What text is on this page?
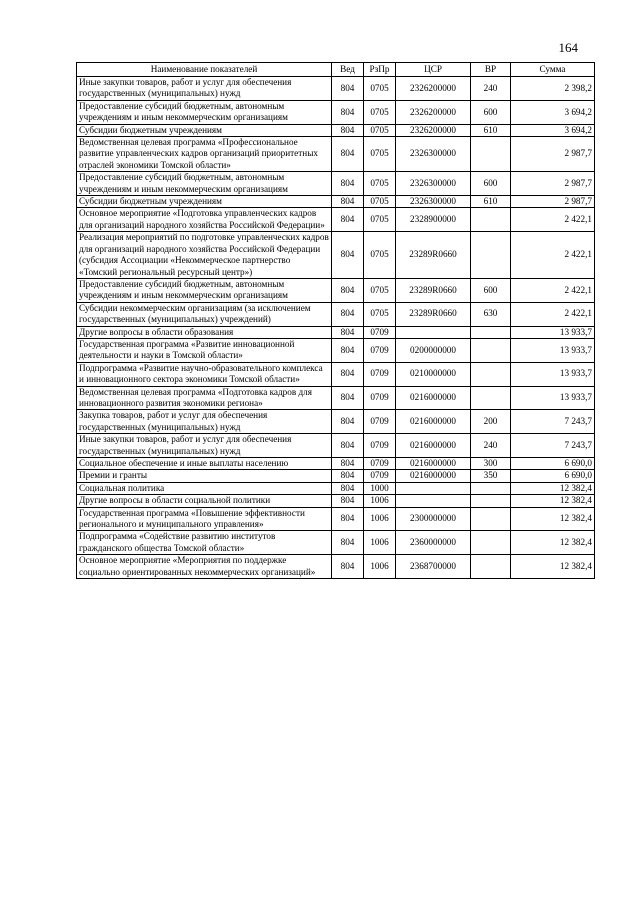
164
Наименование показателей	Вед	РзПр	ЦСР	ВР	Сумма
Иные закупки товаров, работ и услуг для обеспечения государственных (муниципальных) нужд	804	0705	2326200000	240	2 398,2
Предоставление субсидий бюджетным, автономным учреждениям и иным некоммерческим организациям	804	0705	2326200000	600	3 694,2
Субсидии бюджетным учреждениям	804	0705	2326200000	610	3 694,2
Ведомственная целевая программа «Профессиональное развитие управленческих кадров организаций приоритетных отраслей экономики Томской области»	804	0705	2326300000		2 987,7
Предоставление субсидий бюджетным, автономным учреждениям и иным некоммерческим организациям	804	0705	2326300000	600	2 987,7
Субсидии бюджетным учреждениям	804	0705	2326300000	610	2 987,7
Основное мероприятие «Подготовка управленческих кадров для организаций народного хозяйства Российской Федерации»	804	0705	2328900000		2 422,1
Реализация мероприятий по подготовке управленческих кадров для организаций народного хозяйства Российской Федерации (субсидия Ассоциации «Некоммерческое партнерство «Томский региональный ресурсный центр»)	804	0705	23289R0660		2 422,1
Предоставление субсидий бюджетным, автономным учреждениям и иным некоммерческим организациям	804	0705	23289R0660	600	2 422,1
Субсидии некоммерческим организациям (за исключением государственных (муниципальных) учреждений)	804	0705	23289R0660	630	2 422,1
Другие вопросы в области образования	804	0709			13 933,7
Государственная программа «Развитие инновационной деятельности и науки в Томской области»	804	0709	0200000000		13 933,7
Подпрограмма «Развитие научно-образовательного комплекса и инновационного сектора экономики Томской области»	804	0709	0210000000		13 933,7
Ведомственная целевая программа «Подготовка кадров для инновационного развития экономики региона»	804	0709	0216000000		13 933,7
Закупка товаров, работ и услуг для обеспечения государственных (муниципальных) нужд	804	0709	0216000000	200	7 243,7
Иные закупки товаров, работ и услуг для обеспечения государственных (муниципальных) нужд	804	0709	0216000000	240	7 243,7
Социальное обеспечение и иные выплаты населению	804	0709	0216000000	300	6 690,0
Премии и гранты	804	0709	0216000000	350	6 690,0
Социальная политика	804	1000			12 382,4
Другие вопросы в области социальной политики	804	1006			12 382,4
Государственная программа «Повышение эффективности регионального и муниципального управления»	804	1006	2300000000		12 382,4
Подпрограмма «Содействие развитию институтов гражданского общества Томской области»	804	1006	2360000000		12 382,4
Основное мероприятие «Мероприятия по поддержке социально ориентированных некоммерческих организаций»	804	1006	2368700000		12 382,4
